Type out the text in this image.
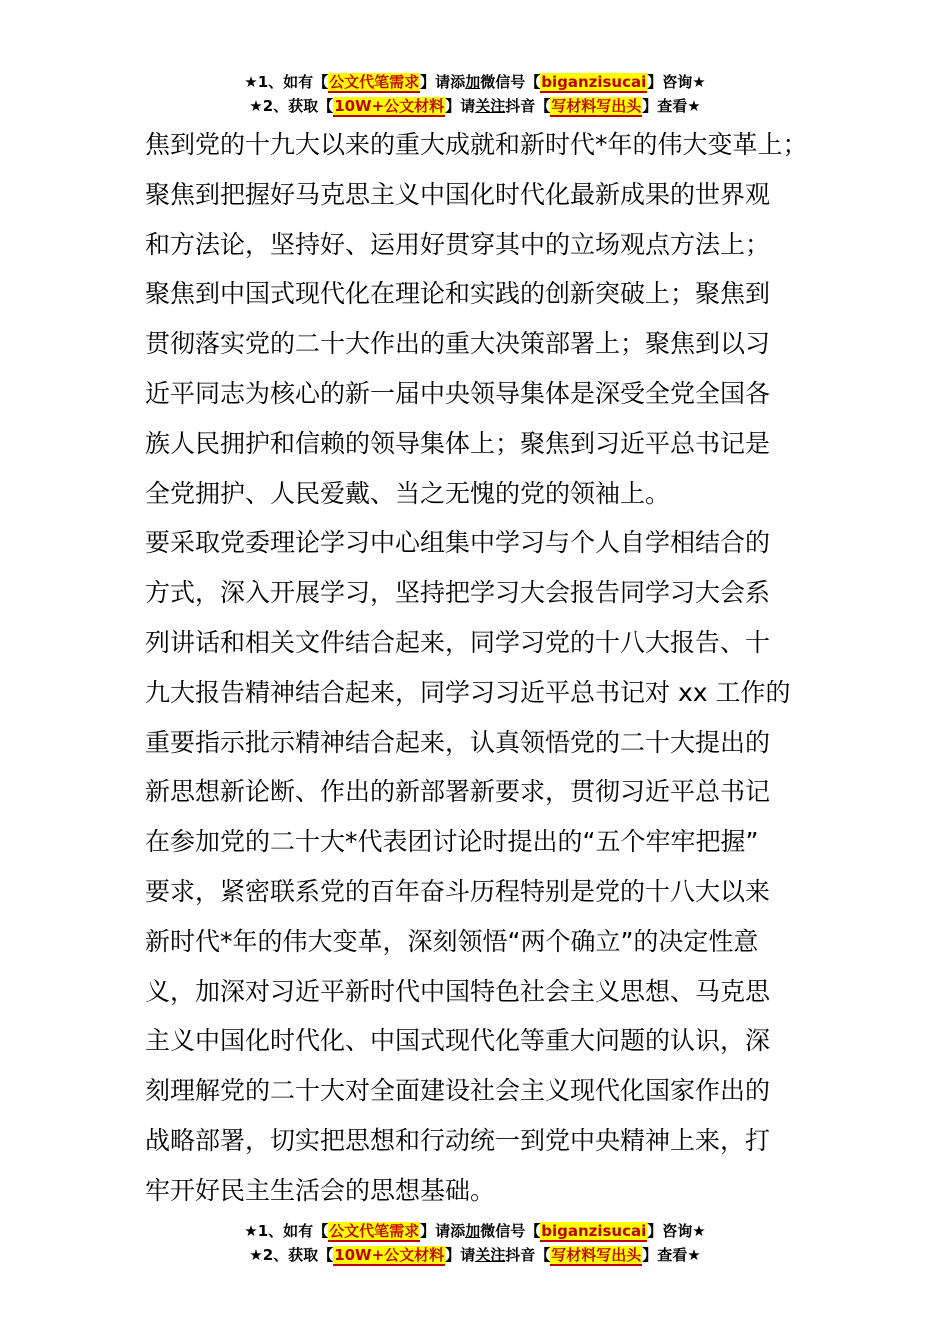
★1、如有【公文代笔需求】请添加微信号【biganzisucai】咨询★
★2、获取【10W+公文材料】请关注抖音【写材料写出头】查看★
焦到党的十九大以来的重大成就和新时代*年的伟大变革上；
聚焦到把握好马克思主义中国化时代化最新成果的世界观
和方法论，坚持好、运用好贯穿其中的立场观点方法上；
聚焦到中国式现代化在理论和实践的创新突破上；聚焦到
贯彻落实党的二十大作出的重大决策部署上；聚焦到以习
近平同志为核心的新一届中央领导集体是深受全党全国各
族人民拥护和信赖的领导集体上；聚焦到习近平总书记是
全党拥护、人民爱戴、当之无愧的党的领袖上。
要采取党委理论学习中心组集中学习与个人自学相结合的
方式，深入开展学习，坚持把学习大会报告同学习大会系
列讲话和相关文件结合起来，同学习党的十八大报告、十
九大报告精神结合起来，同学习习近平总书记对 xx 工作的
重要指示批示精神结合起来，认真领悟党的二十大提出的
新思想新论断、作出的新部署新要求，贯彻习近平总书记
在参加党的二十大*代表团讨论时提出的“五个牢牢把握”
要求，紧密联系党的百年奋斗历程特别是党的十八大以来
新时代*年的伟大变革，深刻领悟“两个确立”的决定性意
义，加深对习近平新时代中国特色社会主义思想、马克思
主义中国化时代化、中国式现代化等重大问题的认识，深
刻理解党的二十大对全面建设社会主义现代化国家作出的
战略部署，切实把思想和行动统一到党中央精神上来，打
牢开好民主生活会的思想基础。
★1、如有【公文代笔需求】请添加微信号【biganzisucai】咨询★
★2、获取【10W+公文材料】请关注抖音【写材料写出头】查看★
